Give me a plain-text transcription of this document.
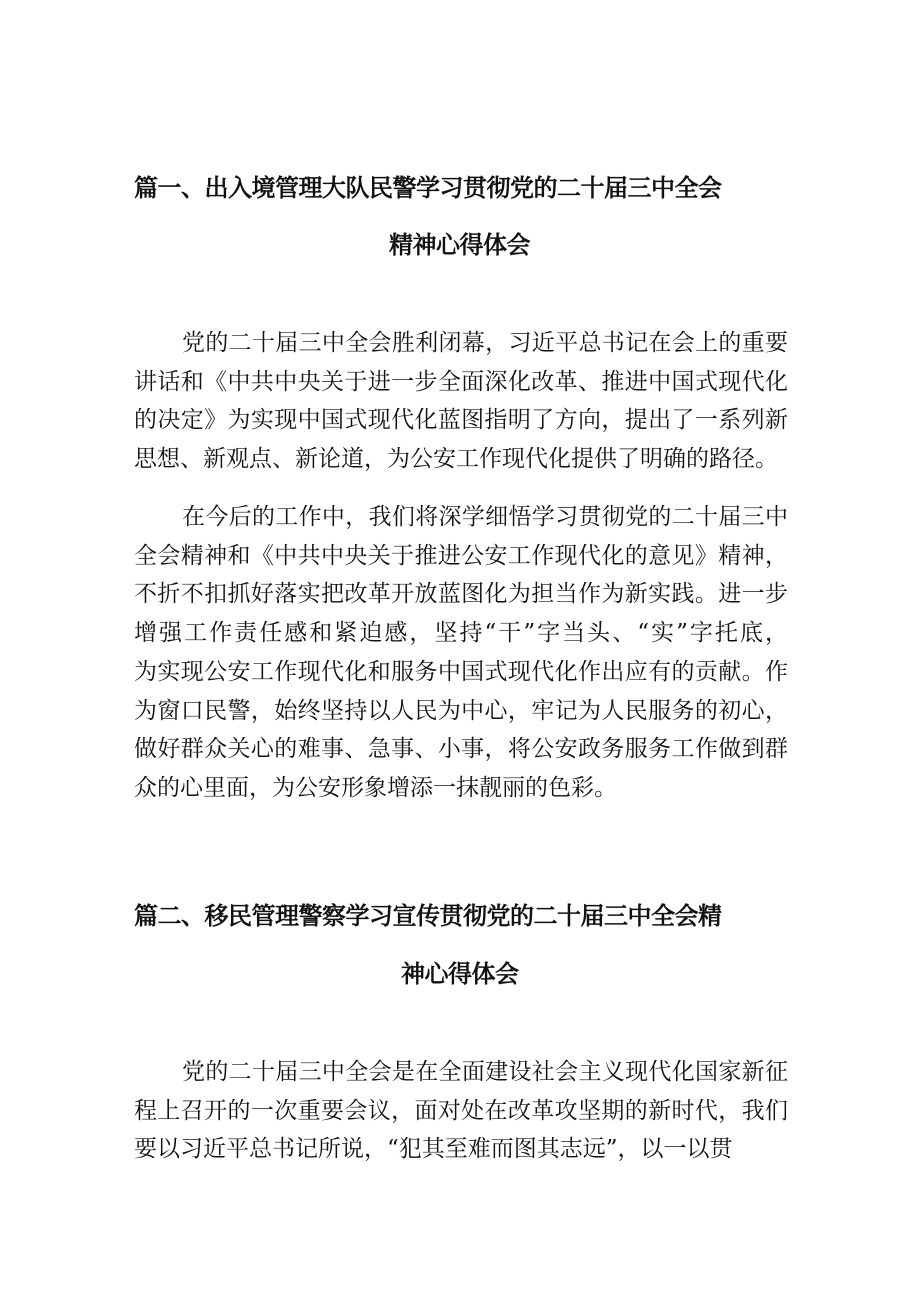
篇一、出入境管理大队民警学习贯彻党的二十届三中全会
精神心得体会
党的二十届三中全会胜利闭幕，习近平总书记在会上的重要
讲话和《中共中央关于进一步全面深化改革、推进中国式现代化
的决定》为实现中国式现代化蓝图指明了方向，提出了一系列新
思想、新观点、新论道，为公安工作现代化提供了明确的路径。
在今后的工作中，我们将深学细悟学习贯彻党的二十届三中
全会精神和《中共中央关于推进公安工作现代化的意见》精神，
不折不扣抓好落实把改革开放蓝图化为担当作为新实践。进一步
增强工作责任感和紧迫感，坚持“干”字当头、“实”字托底，
为实现公安工作现代化和服务中国式现代化作出应有的贡献。作
为窗口民警，始终坚持以人民为中心，牢记为人民服务的初心，
做好群众关心的难事、急事、小事，将公安政务服务工作做到群
众的心里面，为公安形象增添一抹靓丽的色彩。
篇二、移民管理警察学习宣传贯彻党的二十届三中全会精
神心得体会
党的二十届三中全会是在全面建设社会主义现代化国家新征
程上召开的一次重要会议，面对处在改革攻坚期的新时代，我们
要以习近平总书记所说，“犯其至难而图其志远”，以一以贯
